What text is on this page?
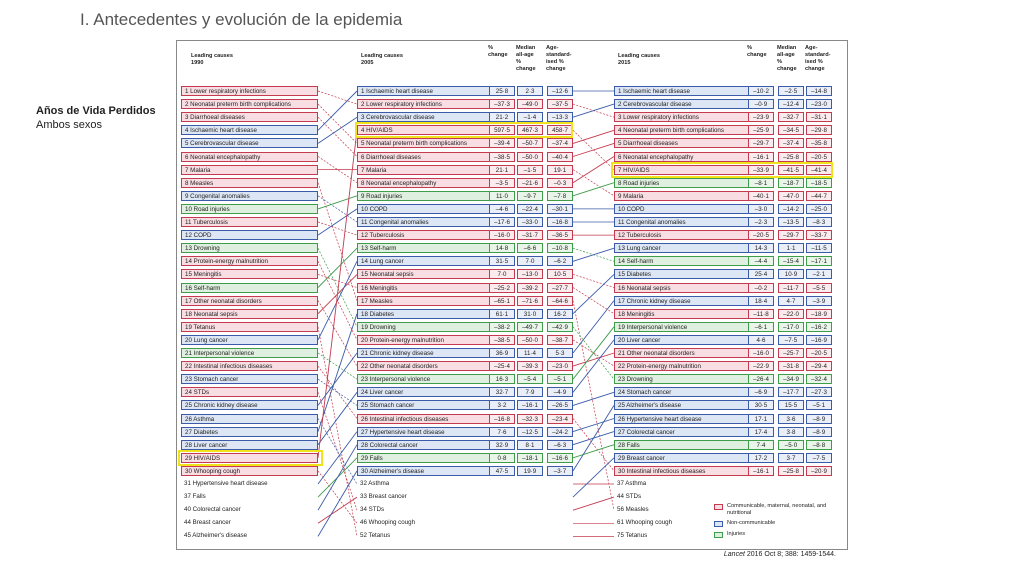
I. Antecedentes y evolución de la epidemia
Años de Vida Perdidos
Ambos sexos
Leading causes
1990
Leading causes
2005
Leading causes
2015
%
change
Median
all-age
%
change
Age-
standard-
ised %
change
%
change
Median
all-age
%
change
Age-
standard-
ised %
change
1 Lower respiratory infections
2 Neonatal preterm birth complications
3 Diarrhoeal diseases
4 Ischaemic heart disease
5 Cerebrovascular disease
6 Neonatal encephalopathy
7 Malaria
8 Measles
9 Congenital anomalies
10 Road injuries
11 Tuberculosis
12 COPD
13 Drowning
14 Protein-energy malnutrition
15 Meningitis
16 Self-harm
17 Other neonatal disorders
18 Neonatal sepsis
19 Tetanus
20 Lung cancer
21 Interpersonal violence
22 Intestinal infectious diseases
23 Stomach cancer
24 STDs
25 Chronic kidney disease
26 Asthma
27 Diabetes
28 Liver cancer
29 HIV/AIDS
30 Whooping cough
31 Hypertensive heart disease
37 Falls
40 Colorectal cancer
44 Breast cancer
45 Alzheimer's disease
1 Ischaemic heart disease	25·8	2·3	–12·6
2 Lower respiratory infections	–37·3	–49·0	–37·5
3 Cerebrovascular disease	21·2	–1·4	–13·3
4 HIV/AIDS	597·5	467·3	458·7
5 Neonatal preterm birth complications	–39·4	–50·7	–37·4
6 Diarrhoeal diseases	–38·5	–50·0	–40·4
7 Malaria	21·1	–1·5	19·1
8 Neonatal encephalopathy	–3·5	–21·6	–0·3
9 Road injuries	11·0	–9·7	–7·8
10 COPD	–4·6	–22·4	–30·1
11 Congenital anomalies	–17·6	–33·0	–16·8
12 Tuberculosis	–16·0	–31·7	–36·5
13 Self-harm	14·8	–6·6	–10·8
14 Lung cancer	31·5	7·0	–6·2
15 Neonatal sepsis	7·0	–13·0	10·5
16 Meningitis	–25·2	–39·2	–27·7
17 Measles	–65·1	–71·6	–64·6
18 Diabetes	61·1	31·0	16·2
19 Drowning	–38·2	–49·7	–42·9
20 Protein-energy malnutrition	–38·5	–50·0	–38·7
21 Chronic kidney disease	36·9	11·4	5·3
22 Other neonatal disorders	–25·4	–39·3	–23·0
23 Interpersonal violence	16·3	–5·4	–5·1
24 Liver cancer	32·7	7·9	–4·9
25 Stomach cancer	3·2	–16·1	–26·5
26 Intestinal infectious diseases	–16·8	–32·3	–23·4
27 Hypertensive heart disease	7·6	–12·5	–24·2
28 Colorectal cancer	32·9	8·1	–6·3
29 Falls	0·8	–18·1	–16·6
30 Alzheimer's disease	47·5	19·9	–3·7
32 Asthma
33 Breast cancer
34 STDs
46 Whooping cough
52 Tetanus
1 Ischaemic heart disease	–10·2	–2·5	–14·8
2 Cerebrovascular disease	–0·9	–12·4	–23·0
3 Lower respiratory infections	–23·9	–32·7	–31·1
4 Neonatal preterm birth complications	–25·9	–34·5	–29·8
5 Diarrhoeal diseases	–29·7	–37·4	–35·8
6 Neonatal encephalopathy	–16·1	–25·8	–20·5
7 HIV/AIDS	–33·9	–41·5	–41·4
8 Road injuries	–8·1	–18·7	–18·5
9 Malaria	–40·1	–47·0	–44·7
10 COPD	–3·0	–14·2	–25·0
11 Congenital anomalies	–2·3	–13·5	–8·3
12 Tuberculosis	–20·5	–29·7	–33·7
13 Lung cancer	14·3	1·1	–11·5
14 Self-harm	–4·4	–15·4	–17·1
15 Diabetes	25·4	10·9	–2·1
16 Neonatal sepsis	–0·2	–11·7	–5·5
17 Chronic kidney disease	18·4	4·7	–3·9
18 Meningitis	–11·8	–22·0	–18·9
19 Interpersonal violence	–6·1	–17·0	–16·2
20 Liver cancer	4·6	–7·5	–16·9
21 Other neonatal disorders	–16·0	–25·7	–20·5
22 Protein-energy malnutrition	–22·9	–31·8	–29·4
23 Drowning	–26·4	–34·9	–32·4
24 Stomach cancer	–6·9	–17·7	–27·3
25 Alzheimer's disease	30·5	15·5	–5·1
26 Hypertensive heart disease	17·1	3·6	–8·9
27 Colorectal cancer	17·4	3·8	–8·9
28 Falls	7·4	–5·0	–8·8
29 Breast cancer	17·2	3·7	–7·5
30 Intestinal infectious diseases	–16·1	–25·8	–20·9
37 Asthma
44 STDs
56 Measles
61 Whooping cough
75 Tetanus
Communicable, maternal, neonatal, and nutritional
Non-communicable
Injuries
Lancet 2016 Oct 8; 388: 1459-1544.
